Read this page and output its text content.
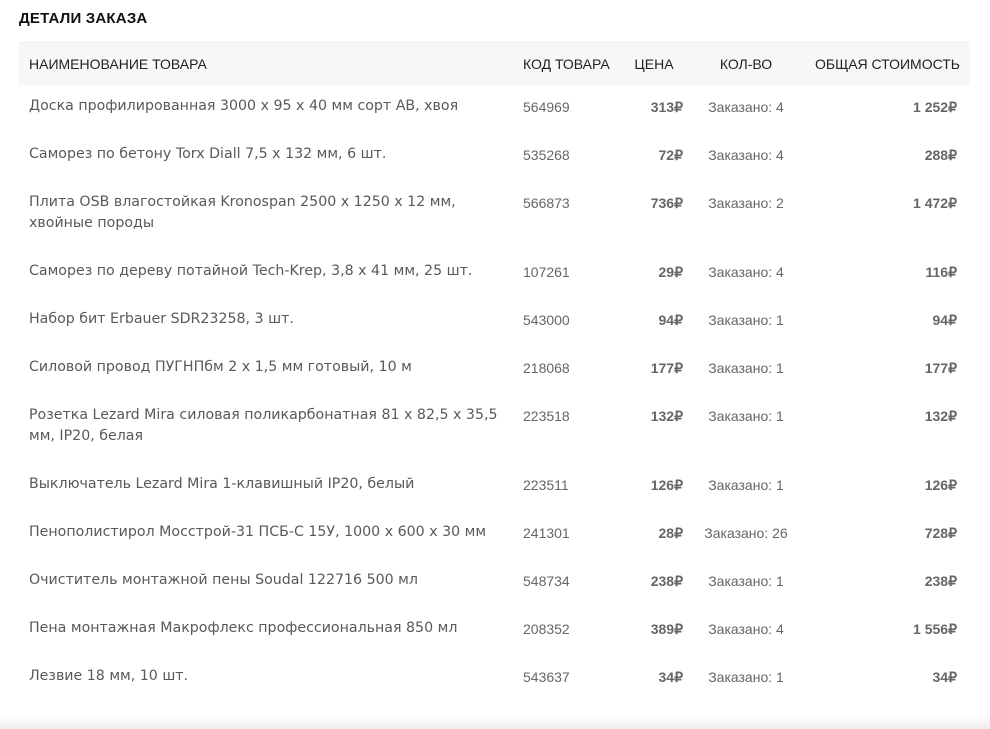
ДЕТАЛИ ЗАКАЗА
НАИМЕНОВАНИЕ ТОВАРА	КОД ТОВАРА	ЦЕНА	КОЛ-ВО	ОБЩАЯ СТОИМОСТЬ
Доска профилированная 3000 х 95 х 40 мм сорт АВ, хвоя	564969	313₽	Заказано: 4	1 252₽
Саморез по бетону Torx Diall 7,5 х 132 мм, 6 шт.	535268	72₽	Заказано: 4	288₽
Плита OSB влагостойкая Kronospan 2500 х 1250 х 12 мм, хвойные породы	566873	736₽	Заказано: 2	1 472₽
Саморез по дереву потайной Tech-Krep, 3,8 х 41 мм, 25 шт.	107261	29₽	Заказано: 4	116₽
Набор бит Erbauer SDR23258, 3 шт.	543000	94₽	Заказано: 1	94₽
Силовой провод ПУГНПбм 2 х 1,5 мм готовый, 10 м	218068	177₽	Заказано: 1	177₽
Розетка Lezard Mira силовая поликарбонатная 81 х 82,5 х 35,5 мм, IP20, белая	223518	132₽	Заказано: 1	132₽
Выключатель Lezard Mira 1-клавишный IP20, белый	223511	126₽	Заказано: 1	126₽
Пенополистирол Мосстрой-31 ПСБ-С 15У, 1000 х 600 х 30 мм	241301	28₽	Заказано: 26	728₽
Очиститель монтажной пены Soudal 122716 500 мл	548734	238₽	Заказано: 1	238₽
Пена монтажная Макрофлекс профессиональная 850 мл	208352	389₽	Заказано: 4	1 556₽
Лезвие 18 мм, 10 шт.	543637	34₽	Заказано: 1	34₽
